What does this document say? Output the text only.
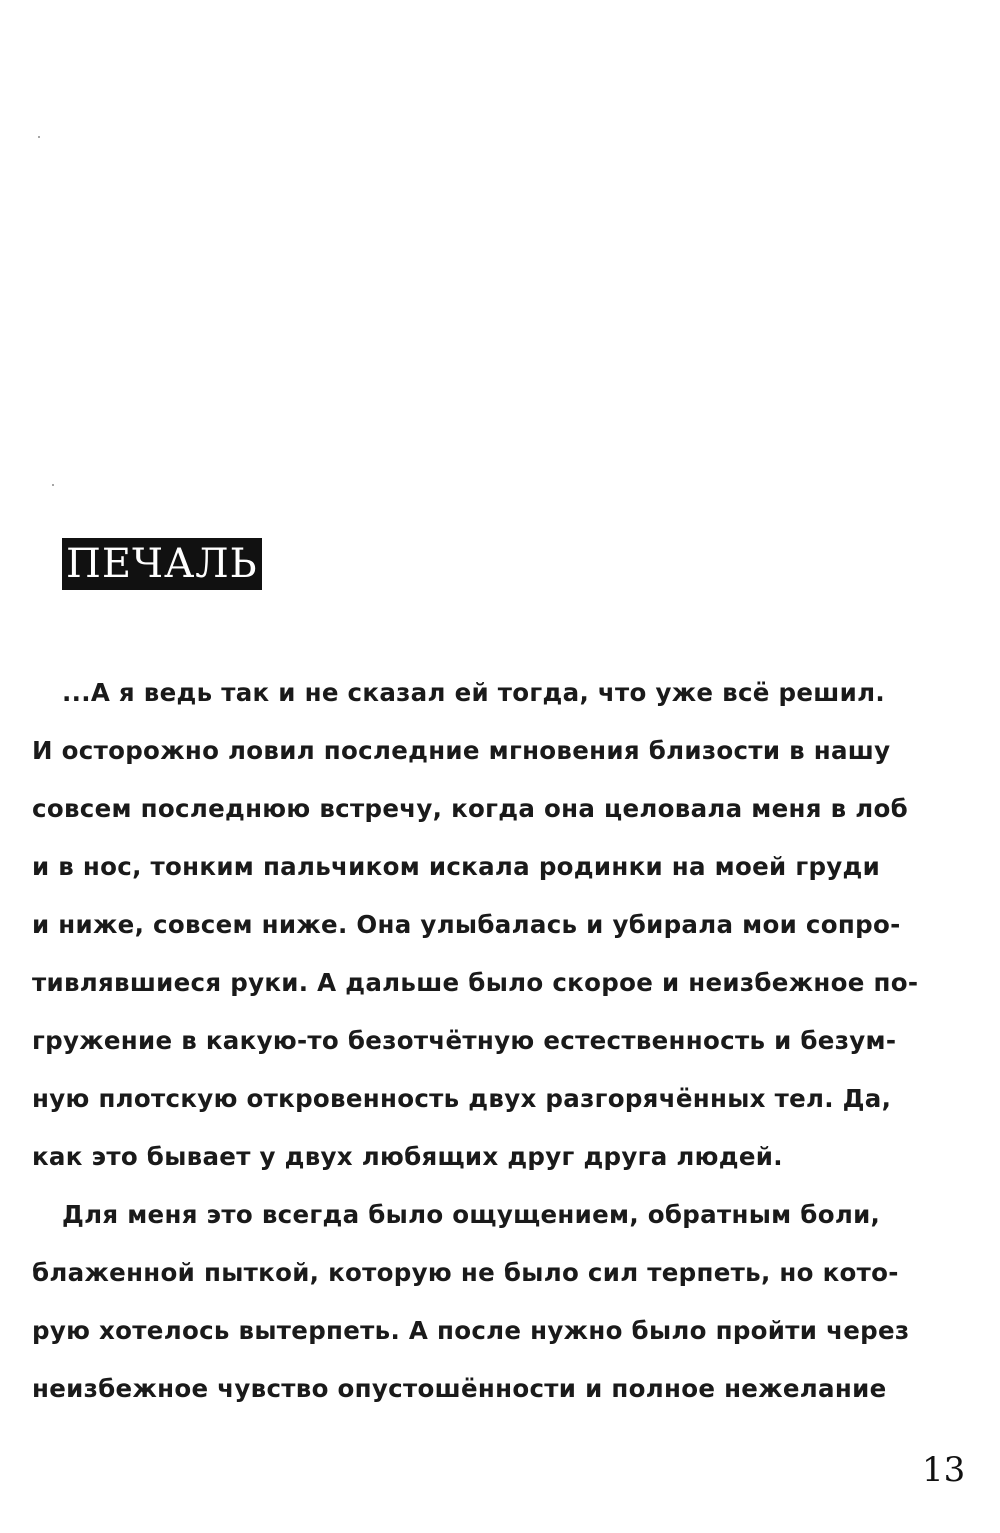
ПЕЧАЛЬ
...А я ведь так и не сказал ей тогда, что уже всё решил.
И осторожно ловил последние мгновения близости в нашу
совсем последнюю встречу, когда она целовала меня в лоб
и в нос, тонким пальчиком искала родинки на моей груди
и ниже, совсем ниже. Она улыбалась и убирала мои сопро-
тивлявшиеся руки. А дальше было скорое и неизбежное по-
гружение в какую-то безотчётную естественность и безум-
ную плотскую откровенность двух разгорячённых тел. Да,
как это бывает у двух любящих друг друга людей.
Для меня это всегда было ощущением, обратным боли,
блаженной пыткой, которую не было сил терпеть, но кото-
рую хотелось вытерпеть. А после нужно было пройти через
неизбежное чувство опустошённости и полное нежелание
13
